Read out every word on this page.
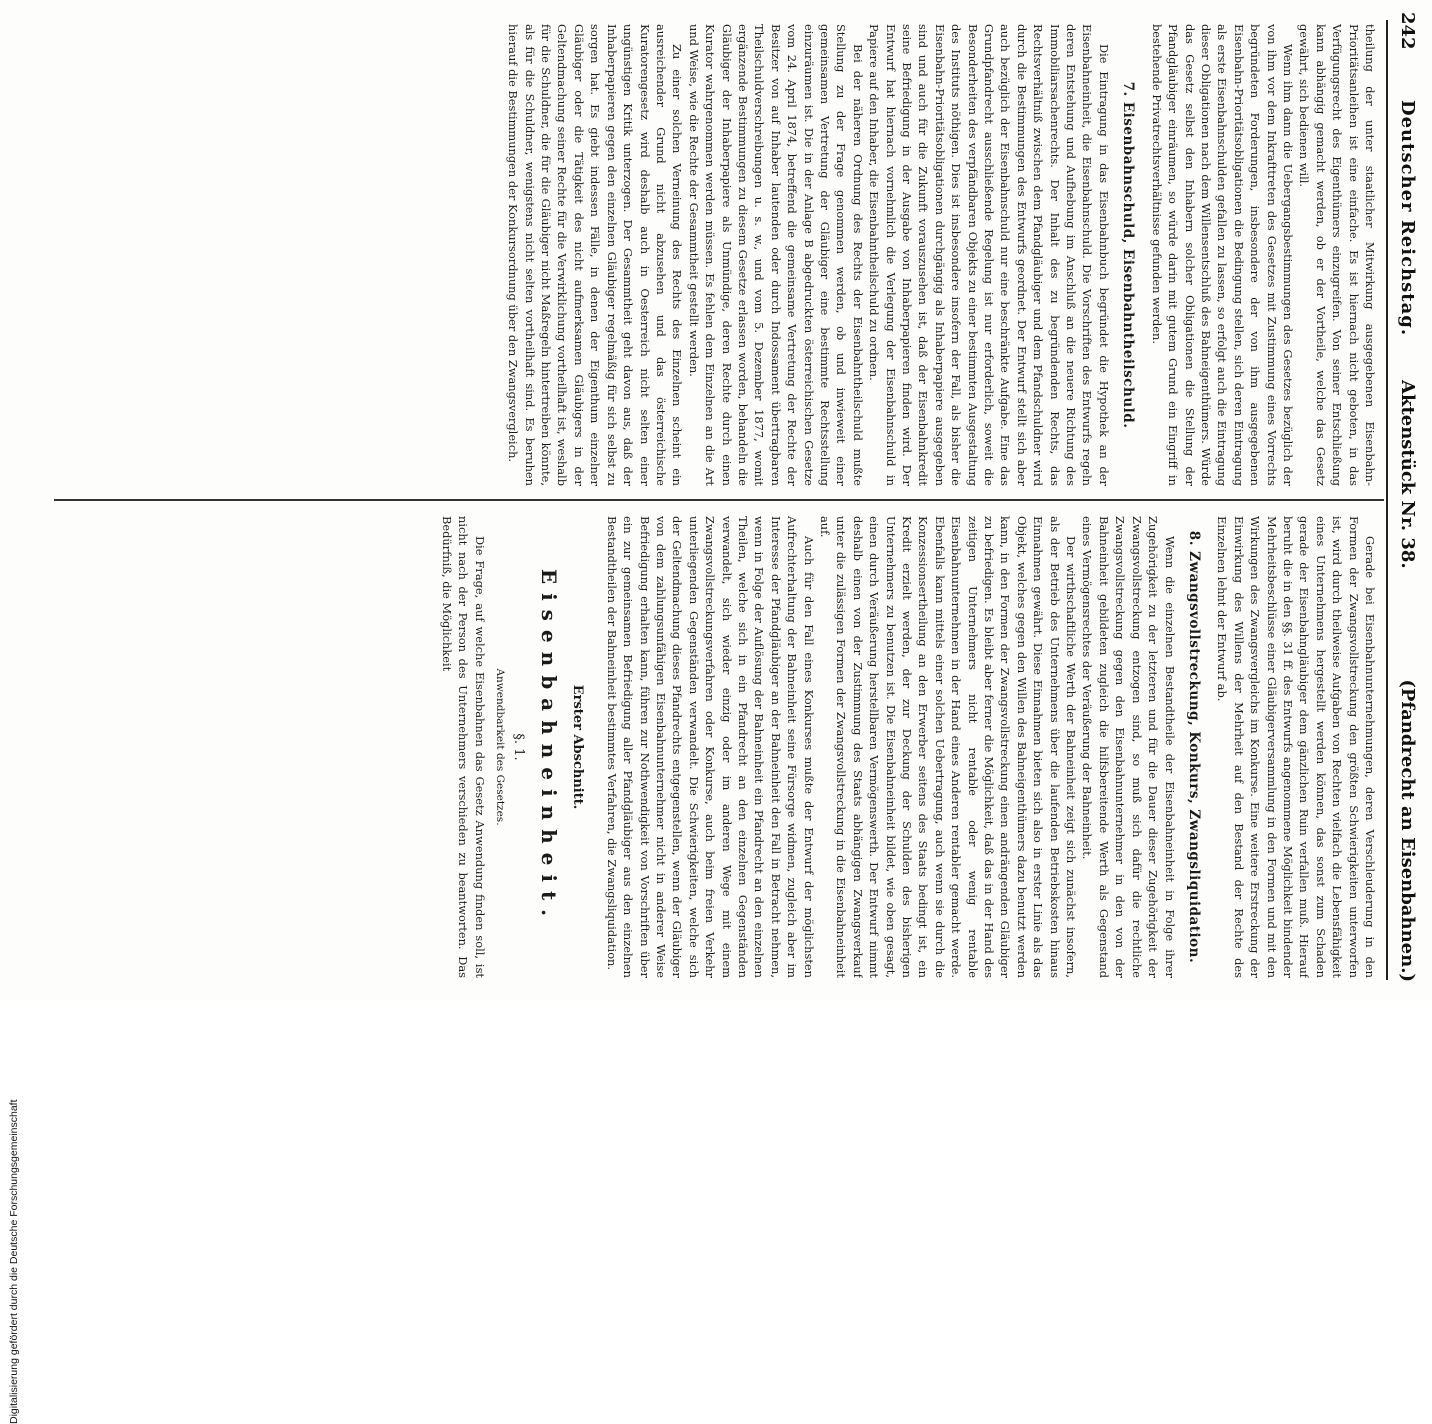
242
Deutscher Reichstag.
Aktenstück Nr. 38.
(Pfandrecht an Eisenbahnen.)

theilung der unter staatlicher Mitwirkung ausgegebenen Eisenbahn-Prioritätsanleihen ist eine einfache. Es ist hiernach nicht geboten, in das Verfügungsrecht des Eigenthümers einzugreifen. Von seiner Entschließung kann abhängig gemacht werden, ob er der Vortheile, welche das Gesetz gewährt, sich bedienen will.

Wenn ihm dann die Uebergangsbestimmungen des Gesetzes bezüglich der von ihm vor dem Inkrafttreten des Gesetzes mit Zustimmung eines Vorrechts begründeten Forderungen, insbesondere der von ihm ausgegebenen Eisenbahn-Prioritätsobligationen die Bedingung stellen, sich deren Eintragung als erste Eisenbahnschulden gefallen zu lassen, so erfolgt auch die Eintragung dieser Obligationen nach dem Willensentschluß des Bahneigenthümers. Würde das Gesetz selbst den Inhabern solcher Obligationen die Stellung der Pfandgläubiger einräumen, so würde darin mit gutem Grund ein Eingriff in bestehende Privatrechtsverhältnisse gefunden werden.

7. Eisenbahnschuld, Eisenbahntheilschuld.

Die Eintragung in das Eisenbahnbuch begründet die Hypothek an der Eisenbahneinheit, die Eisenbahnschuld. Die Vorschriften des Entwurfs regeln deren Entstehung und Aufhebung im Anschluß an die neuere Richtung des Immobiliarsachenrechts. Der Inhalt des zu begründenden Rechts, das Rechtsverhältniß zwischen dem Pfandgläubiger und dem Pfandschuldner wird durch die Bestimmungen des Entwurfs geordnet. Der Entwurf stellt sich aber auch bezüglich der Eisenbahnschuld nur eine beschränkte Aufgabe. Eine das Grundpfandrecht ausschließende Regelung ist nur erforderlich, soweit die Besonderheiten des verpfändbaren Objekts zu einer bestimmten Ausgestaltung des Instituts nöthigen. Dies ist insbesondere insofern der Fall, als bisher die Eisenbahn-Prioritätsobligationen durchgängig als Inhaberpapiere ausgegeben sind und auch für die Zukunft vorauszusehen ist, daß der Eisenbahnkredit seine Befriedigung in der Ausgabe von Inhaberpapieren finden wird. Der Entwurf hat hiernach vornehmlich die Verlegung der Eisenbahnschuld in Papiere auf den Inhaber, die Eisenbahntheilschuld zu ordnen.

Bei der näheren Ordnung des Rechts der Eisenbahntheilschuld mußte Stellung zu der Frage genommen werden, ob und inwieweit einer gemeinsamen Vertretung der Gläubiger eine bestimmte Rechtsstellung einzuräumen ist. Die in der Anlage B abgedruckten österreichischen Gesetze vom 24. April 1874, betreffend die gemeinsame Vertretung der Rechte der Besitzer von auf Inhaber lautenden oder durch Indossament übertragbaren Theilschuldverschreibungen u. s. w., und vom 5. Dezember 1877, womit ergänzende Bestimmungen zu diesem Gesetze erlassen worden, behandeln die Gläubiger der Inhaberpapiere als Unmündige, deren Rechte durch einen Kurator wahrgenommen werden müssen. Es fehlen dem Einzelnen an die Art und Weise, wie die Rechte der Gesammtheit gestellt werden.

Zu einer solchen Verneinung des Rechts des Einzelnen scheint ein ausreichender Grund nicht abzusehen und das österreichische Kuratorengesetz wird deshalb auch in Oesterreich nicht selten einer ungünstigen Kritik unterzogen. Der Gesammtheit geht davon aus, daß der Inhaberpapieren gegen den einzelnen Gläubiger regelmäßig für sich selbst zu sorgen hat. Es giebt indessen Fälle, in denen der Eigenthum einzelner Gläubiger oder die Tätigkeit des nicht aufmerksamen Gläubigers in der Geltendmachung seiner Rechte für die Verwirklichung vortheilhaft ist, weshalb für die Schuldner, die für die Gläubiger nicht Maßregeln hintertreiben könnte, als für die Schuldner, wenigstens nicht selten vortheilhaft sind. Es beruhen hierauf die Bestimmungen der Konkursordnung über den Zwangsvergleich.

Gerade bei Eisenbahnunternehmungen, deren Verschleuderung in den Formen der Zwangsvollstreckung den größten Schwierigkeiten unterworfen ist, wird durch theilweise Aufgaben von Rechten vielfach die Lebensfähigkeit eines Unternehmens hergestellt werden können, das sonst zum Schaden gerade der Eisenbahngläubiger dem gänzlichen Ruin verfallen muß. Hierauf beruht die in den §§. 31 ff. des Entwurfs angenommene Möglichkeit bindender Mehrheitsbeschlüsse einer Gläubigerversammlung in den Formen und mit den Wirkungen des Zwangsvergleichs im Konkurse. Eine weitere Erstreckung der Einwirkung des Willens der Mehrheit auf den Bestand der Rechte des Einzelnen lehnt der Entwurf ab.

8. Zwangsvollstreckung, Konkurs, Zwangsliquidation.

Wenn die einzelnen Bestandtheile der Eisenbahneinheit in Folge ihrer Zugehörigkeit zu der letzteren und für die Dauer dieser Zugehörigkeit der Zwangsvollstreckung entzogen sind, so muß sich dafür die rechtliche Zwangsvollstreckung gegen den Eisenbahnunternehmer in den von der Bahneinheit gebildeten zugleich die hilfsbereitende Werth als Gegenstand eines Vermögensrechtes der Veräußerung der Bahneinheit.

Der wirthschaftliche Werth der Bahneinheit zeigt sich zunächst insofern, als der Betrieb des Unternehmens über die laufenden Betriebskosten hinaus Einnahmen gewährt. Diese Einnahmen bieten sich also in erster Linie als das Objekt, welches gegen den Willen des Bahneigenthümers dazu benutzt werden kann, in den Formen der Zwangsvollstreckung einen andrängenden Gläubiger zu befriedigen. Es bleibt aber ferner die Möglichkeit, daß das in der Hand des zeitigen Unternehmers nicht rentable oder wenig rentable Eisenbahnunternehmen in der Hand eines Anderen rentabler gemacht werde. Ebenfalls kann mittels einer solchen Uebertragung, auch wenn sie durch die Konzessionsertheilung an den Erwerber seitens des Staats bedingt ist, ein Kredit erzielt werden, der zur Deckung der Schulden des bisherigen Unternehmers zu benutzen ist. Die Eisenbahneinheit bildet, wie oben gesagt, einen durch Veräußerung herstellbaren Vermögenswerth. Der Entwurf nimmt deshalb einen von der Zustimmung des Staats abhängigen Zwangsverkauf unter die zulässigen Formen der Zwangsvollstreckung in die Eisenbahneinheit auf.

Auch für den Fall eines Konkurses mußte der Entwurf der möglichsten Aufrechterhaltung der Bahneinheit seine Fürsorge widmen, zugleich aber im Interesse der Pfandgläubiger an der Bahneinheit den Fall in Betracht nehmen, wenn in Folge der Auflösung der Bahneinheit ein Pfandrecht an den einzelnen Theilen, welche sich in ein Pfandrecht an den einzelnen Gegenständen verwandelt, sich wieder einzig oder im anderen Wege mit einem Zwangsvollstreckungsverfahren oder Konkurse, auch beim freien Verkehr unterliegenden Gegenständen verwandelt. Die Schwierigkeiten, welche sich der Geltendmachung dieses Pfandrechts entgegenstellen, wenn der Gläubiger von dem zahlungsunfähigen Eisenbahnunternehmer nicht in anderer Weise Befriedigung erhalten kann, führen zur Nothwendigkeit von Vorschriften über ein zur gemeinsamen Befriedigung aller Pfandgläubiger aus den einzelnen Bestandtheilen der Bahneinheit bestimmtes Verfahren, die Zwangsliquidation.

Erster Abschnitt.
Eisenbahneinheit.
§. 1.
Anwendbarkeit des Gesetzes.

Die Frage, auf welche Eisenbahnen das Gesetz Anwendung finden soll, ist nicht nach der Person des Unternehmers verschieden zu beantworten. Das Bedürfniß, die Möglichkeit

Digitalisierung gefördert durch die Deutsche Forschungsgemeinschaft
